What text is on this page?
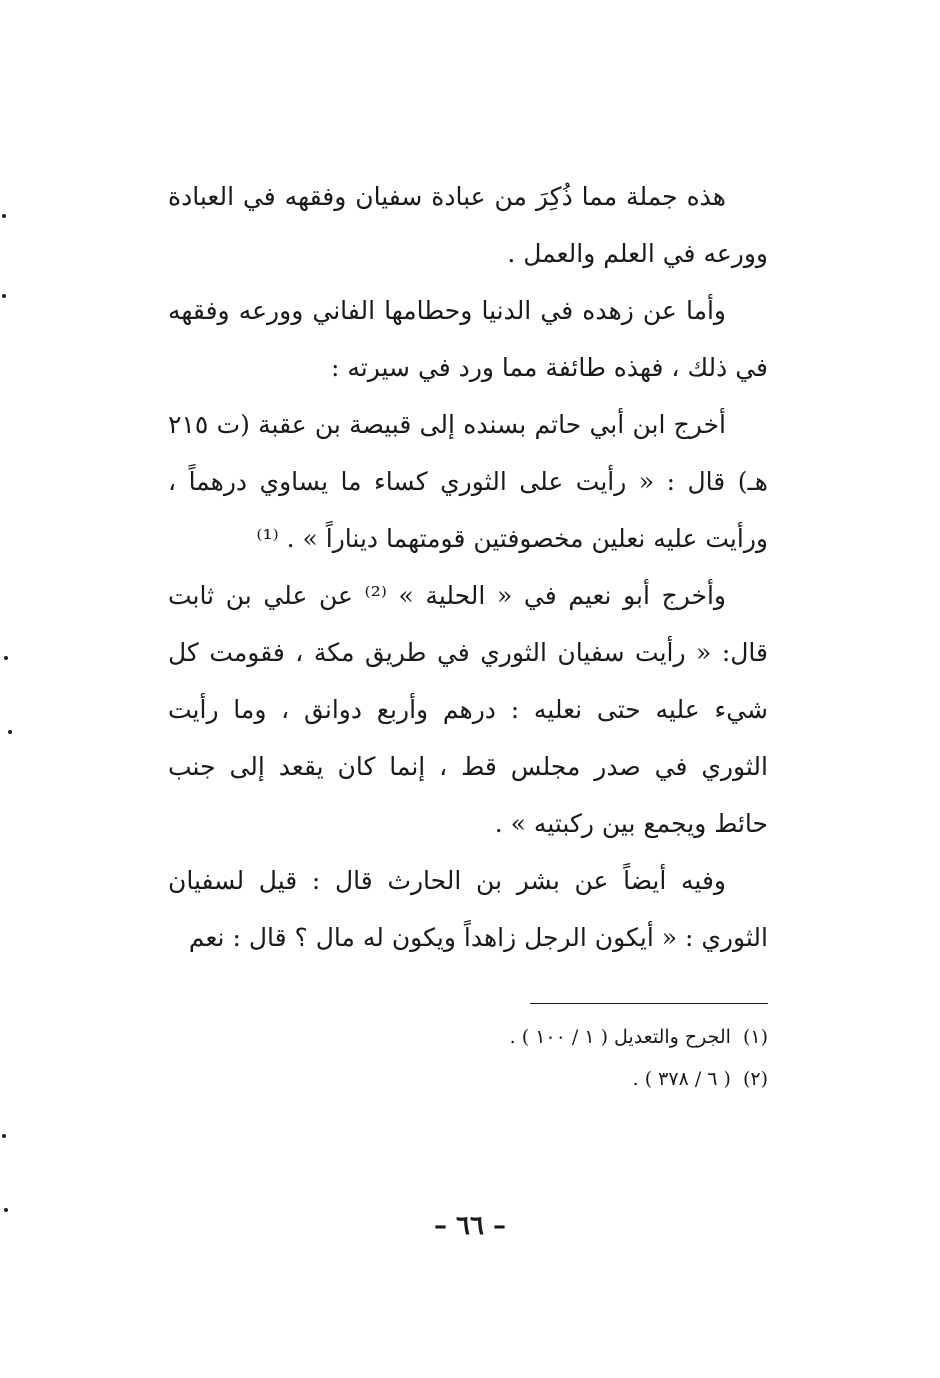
هذه جملة مما ذُكِرَ من عبادة سفيان وفقهه في العبادة وورعه في العلم والعمل .

وأما عن زهده في الدنيا وحطامها الفاني وورعه وفقهه في ذلك ، فهذه طائفة مما ورد في سيرته :

أخرج ابن أبي حاتم بسنده إلى قبيصة بن عقبة (ت ٢١٥ هـ) قال : « رأيت على الثوري كساء ما يساوي درهماً ، ورأيت عليه نعلين مخصوفتين قومتهما ديناراً » . ⁽¹⁾

وأخرج أبو نعيم في « الحلية » ⁽²⁾ عن علي بن ثابت قال: « رأيت سفيان الثوري في طريق مكة ، فقومت كل شيء عليه حتى نعليه : درهم وأربع دوانق ، وما رأيت الثوري في صدر مجلس قط ، إنما كان يقعد إلى جنب حائط ويجمع بين ركبتيه » .

وفيه أيضاً عن بشر بن الحارث قال : قيل لسفيان الثوري : « أيكون الرجل زاهداً ويكون له مال ؟ قال : نعم

(١)الجرح والتعديل ( ١ / ١٠٠ ) .
(٢)( ٦ / ٣٧٨ ) .
– ٦٦ –
